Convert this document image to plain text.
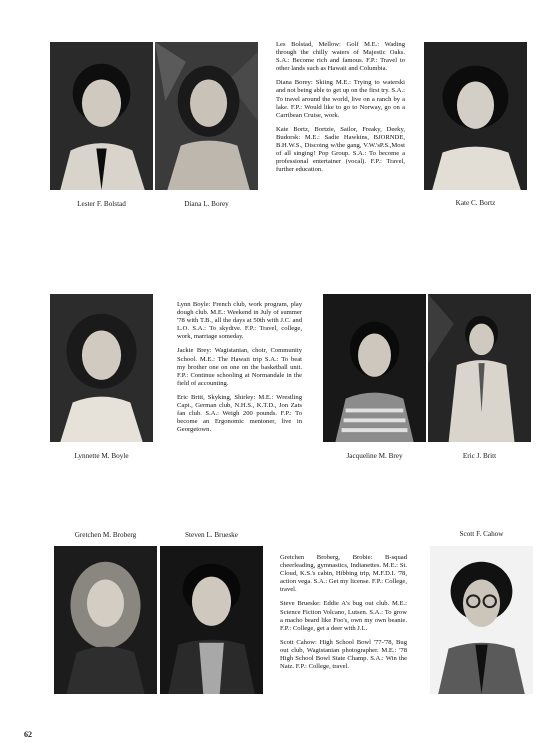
Lester F. Bolstad	Diana L. Borey

Les Bolstad, Mellow: Golf M.E.: Wading through the chilly waters of Majestic Oaks. S.A.: Become rich and famous. F.P.: Travel to other lands such as Hawaii and Columbia.

Diana Borey: Skiing M.E.: Trying to waterski and not being able to get up on the first try. S.A.: To travel around the world, live on a ranch by a lake. F.P.: Would like to go to Norway, go on a Carribean Cruise, work.

Kate Bortz, Bortzie, Sailor, Freaky, Deeky, Budorsk: M.E.: Sadie Hawkins, BJORNDE, B.H.W.S., Discoing w/the gang, V.W.'sP.S.,Most of all singing! Pop Group. S.A.: To become a professional entertainer (vocal). F.P.: Travel, further education.

Kate C. Bortz
Lynnette M. Boyle

Lynn Boyle: French club, work program, play dough club. M.E.: Weekend in July of summer '78 with T.B., all the days at 50th with J.C. and L.O. S.A.: To skydive. F.P.: Travel, college, work, marriage someday.

Jackie Brey: Wagistanian, choir, Community School. M.E.: The Hawaii trip S.A.: To beat my brother one on one on the basketball unit. F.P.: Continue schooling at Normandale in the field of accounting.

Eric Britt, Skyking, Shirley: M.E.: Wrestling Capt., German club, N.H.S., K.T.D., Jon Zats fan club. S.A.: Weigh 200 pounds. F.P.: To become an Ergonomic mentoner, live in Georgetown.

Jacqueline M. Brey	Eric J. Britt
Gretchen M. Broberg	Steven L. Brueske	Scott F. Cahow

Gretchen Broberg, Brobie: B-squad cheerleading, gymnastics, Indianettes. M.E.: St. Cloud, K.S.'s cabin, Hibbing trip, M.F.D.I. '78, action vega. S.A.: Get my license. F.P.: College, travel.

Steve Brueske: Eddie A's bug out club. M.E.: Science Fiction Volcano, Lutsen. S.A.: To grow a macho beard like Foo's, own my own beanie. F.P.: College, get a deer with J.L.

Scott Cahow: High School Bowl '77-'78, Bug out club, Wagistanian photographer. M.E.: '78 High School Bowl State Champ. S.A.: Win the Natz. F.P.: College, travel.

62
